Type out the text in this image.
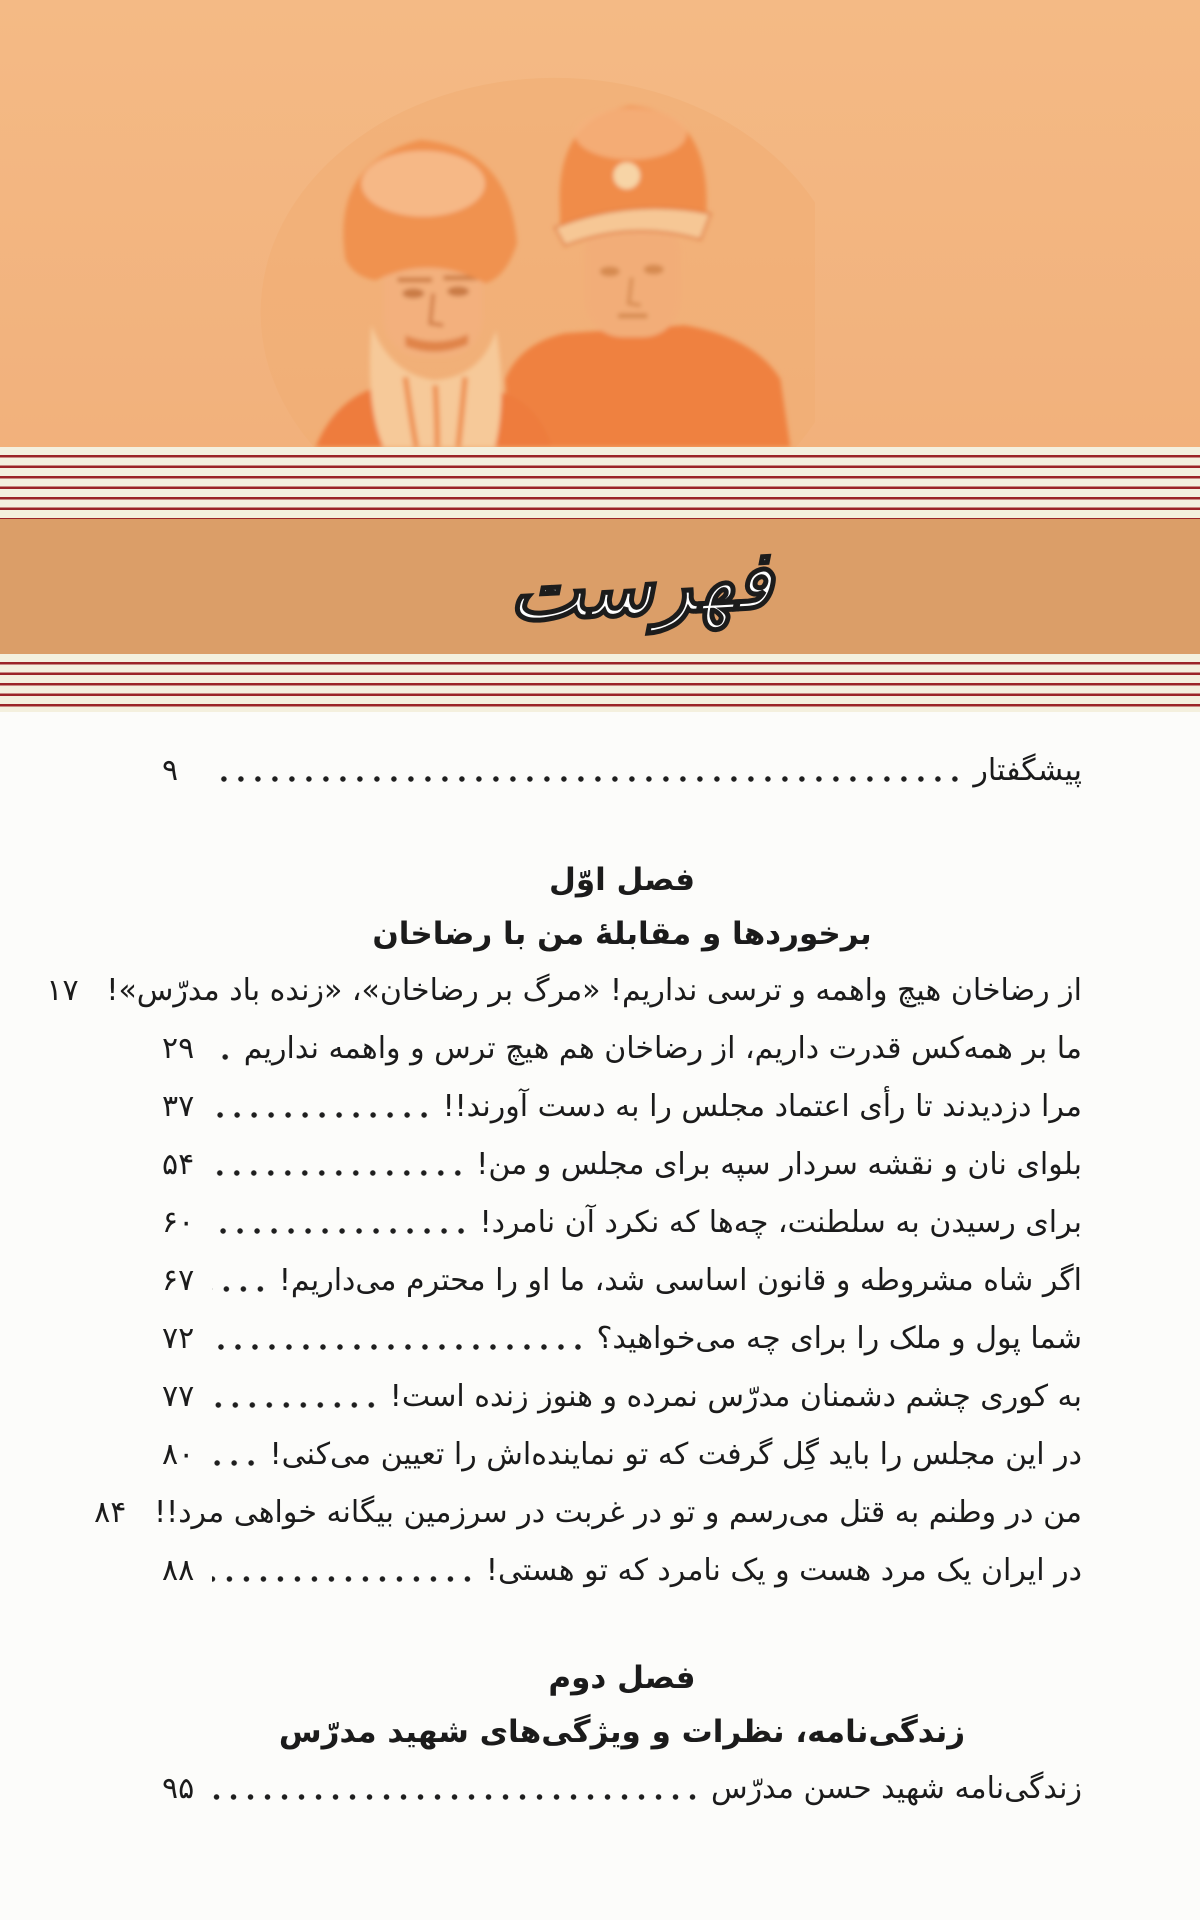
فهرست
پیشگفتار
۹
فصل اوّل
برخوردها و مقابلهٔ من با رضاخان
از رضاخان هیچ واهمه و ترسی نداریم! «مرگ بر رضاخان»، «زنده باد مدرّس»!
۱۷
ما بر همه‌کس قدرت داریم، از رضاخان هم هیچ ترس و واهمه نداریم
۲۹
مرا دزدیدند تا رأی اعتماد مجلس را به دست آورند!!
۳۷
بلوای نان و نقشه سردار سپه برای مجلس و من!
۵۴
برای رسیدن به سلطنت، چه‌ها که نکرد آن نامرد!
۶۰
اگر شاه مشروطه و قانون اساسی شد، ما او را محترم می‌داریم!
۶۷
شما پول و ملک را برای چه می‌خواهید؟
۷۲
به کوری چشم دشمنان مدرّس نمرده و هنوز زنده است!
۷۷
در این مجلس را باید گِل گرفت که تو نماینده‌اش را تعیین می‌کنی!
۸۰
من در وطنم به قتل می‌رسم و تو در غربت در سرزمین بیگانه خواهی مرد!!
۸۴
در ایران یک مرد هست و یک نامرد که تو هستی!
۸۸
فصل دوم
زندگی‌نامه، نظرات و ویژگی‌های شهید مدرّس
زندگی‌نامه شهید حسن مدرّس
۹۵
